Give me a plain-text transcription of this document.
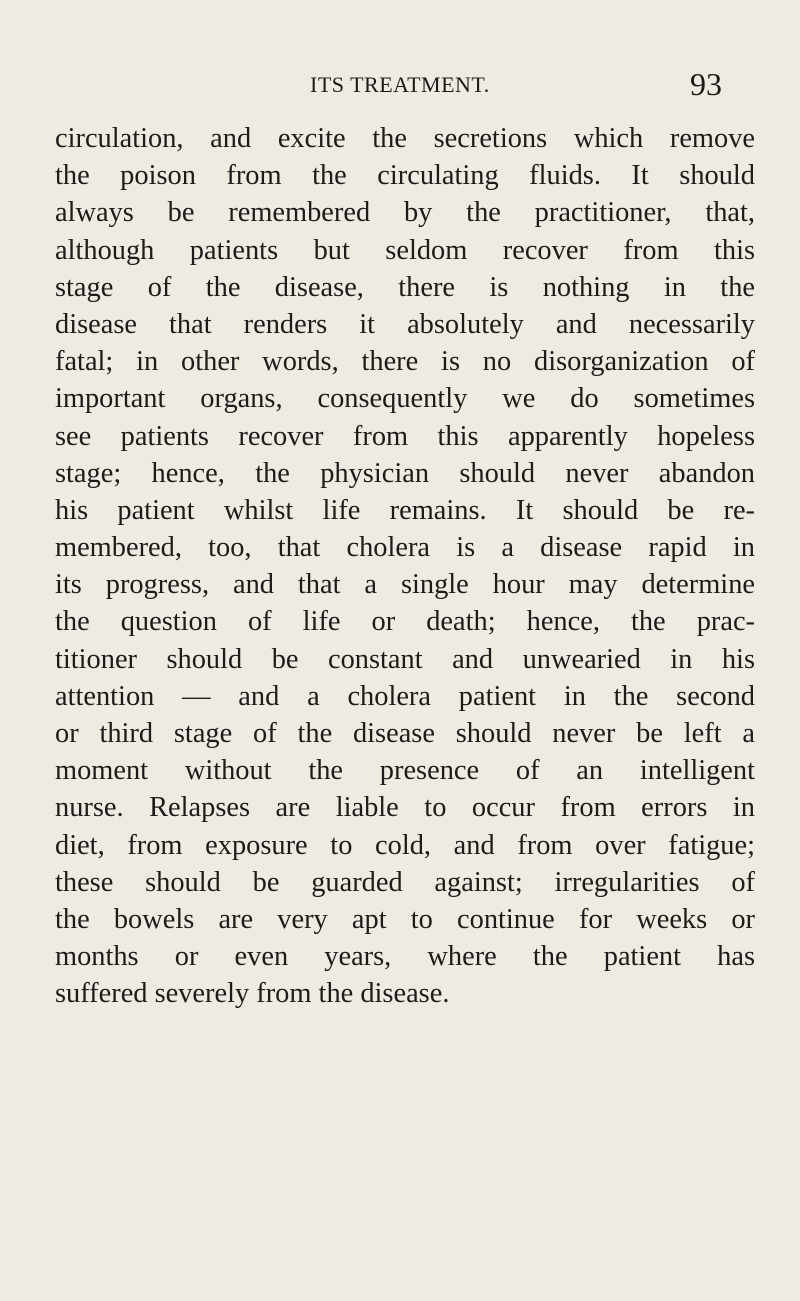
ITS TREATMENT.	93
circulation, and excite the secretions which remove
the poison from the circulating fluids. It should
always be remembered by the practitioner, that,
although patients but seldom recover from this
stage of the disease, there is nothing in the
disease that renders it absolutely and necessarily
fatal; in other words, there is no disorganization of
important organs, consequently we do sometimes
see patients recover from this apparently hopeless
stage; hence, the physician should never abandon
his patient whilst life remains. It should be re-
membered, too, that cholera is a disease rapid in
its progress, and that a single hour may determine
the question of life or death; hence, the prac-
titioner should be constant and unwearied in his
attention — and a cholera patient in the second
or third stage of the disease should never be left a
moment without the presence of an intelligent
nurse. Relapses are liable to occur from errors in
diet, from exposure to cold, and from over fatigue;
these should be guarded against; irregularities of
the bowels are very apt to continue for weeks or
months or even years, where the patient has
suffered severely from the disease.
